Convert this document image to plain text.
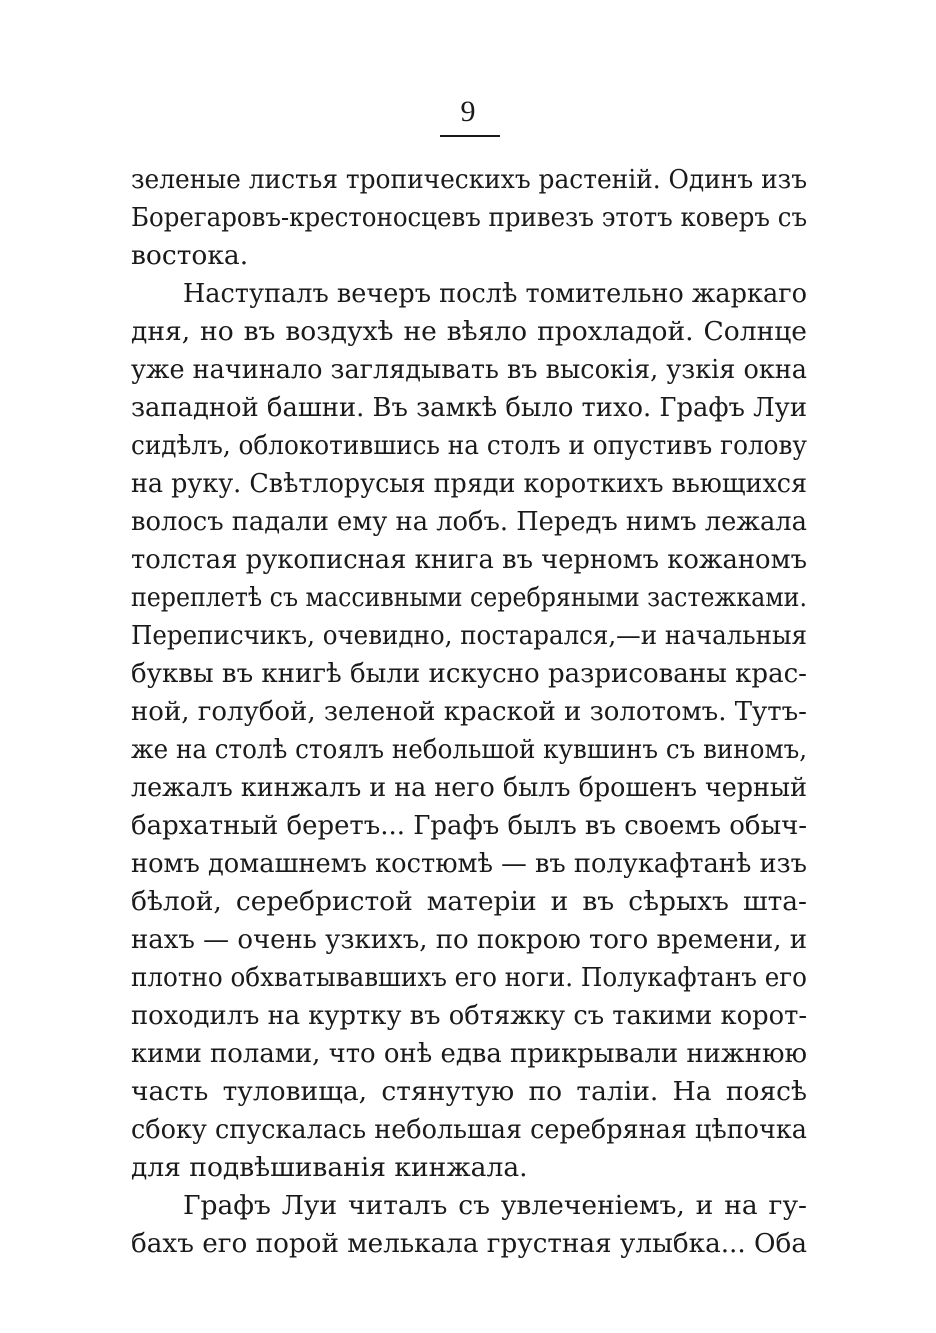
9
зеленые листья тропическихъ растеній. Одинъ изъ
Борегаровъ-крестоносцевъ привезъ этотъ коверъ съ
востока.
Наступалъ вечеръ послѣ томительно жаркаго
дня, но въ воздухѣ не вѣяло прохладой. Солнце
уже начинало заглядывать въ высокія, узкія окна
западной башни. Въ замкѣ было тихо. Графъ Луи
сидѣлъ, облокотившись на столъ и опустивъ голову
на руку. Свѣтлорусыя пряди короткихъ вьющихся
волосъ падали ему на лобъ. Передъ нимъ лежала
толстая рукописная книга въ черномъ кожаномъ
переплетѣ съ массивными серебряными застежками.
Переписчикъ, очевидно, постарался,—и начальныя
буквы въ книгѣ были искусно разрисованы крас-
ной, голубой, зеленой краской и золотомъ. Тутъ-
же на столѣ стоялъ небольшой кувшинъ съ виномъ,
лежалъ кинжалъ и на него былъ брошенъ черный
бархатный беретъ... Графъ былъ въ своемъ обыч-
номъ домашнемъ костюмѣ — въ полукафтанѣ изъ
бѣлой, серебристой матеріи и въ сѣрыхъ шта-
нахъ — очень узкихъ, по покрою того времени, и
плотно обхватывавшихъ его ноги. Полукафтанъ его
походилъ на куртку въ обтяжку съ такими корот-
кими полами, что онѣ едва прикрывали нижнюю
часть туловища, стянутую по таліи. На поясѣ
сбоку спускалась небольшая серебряная цѣпочка
для подвѣшиванія кинжала.
Графъ Луи читалъ съ увлеченіемъ, и на гу-
бахъ его порой мелькала грустная улыбка... Оба
